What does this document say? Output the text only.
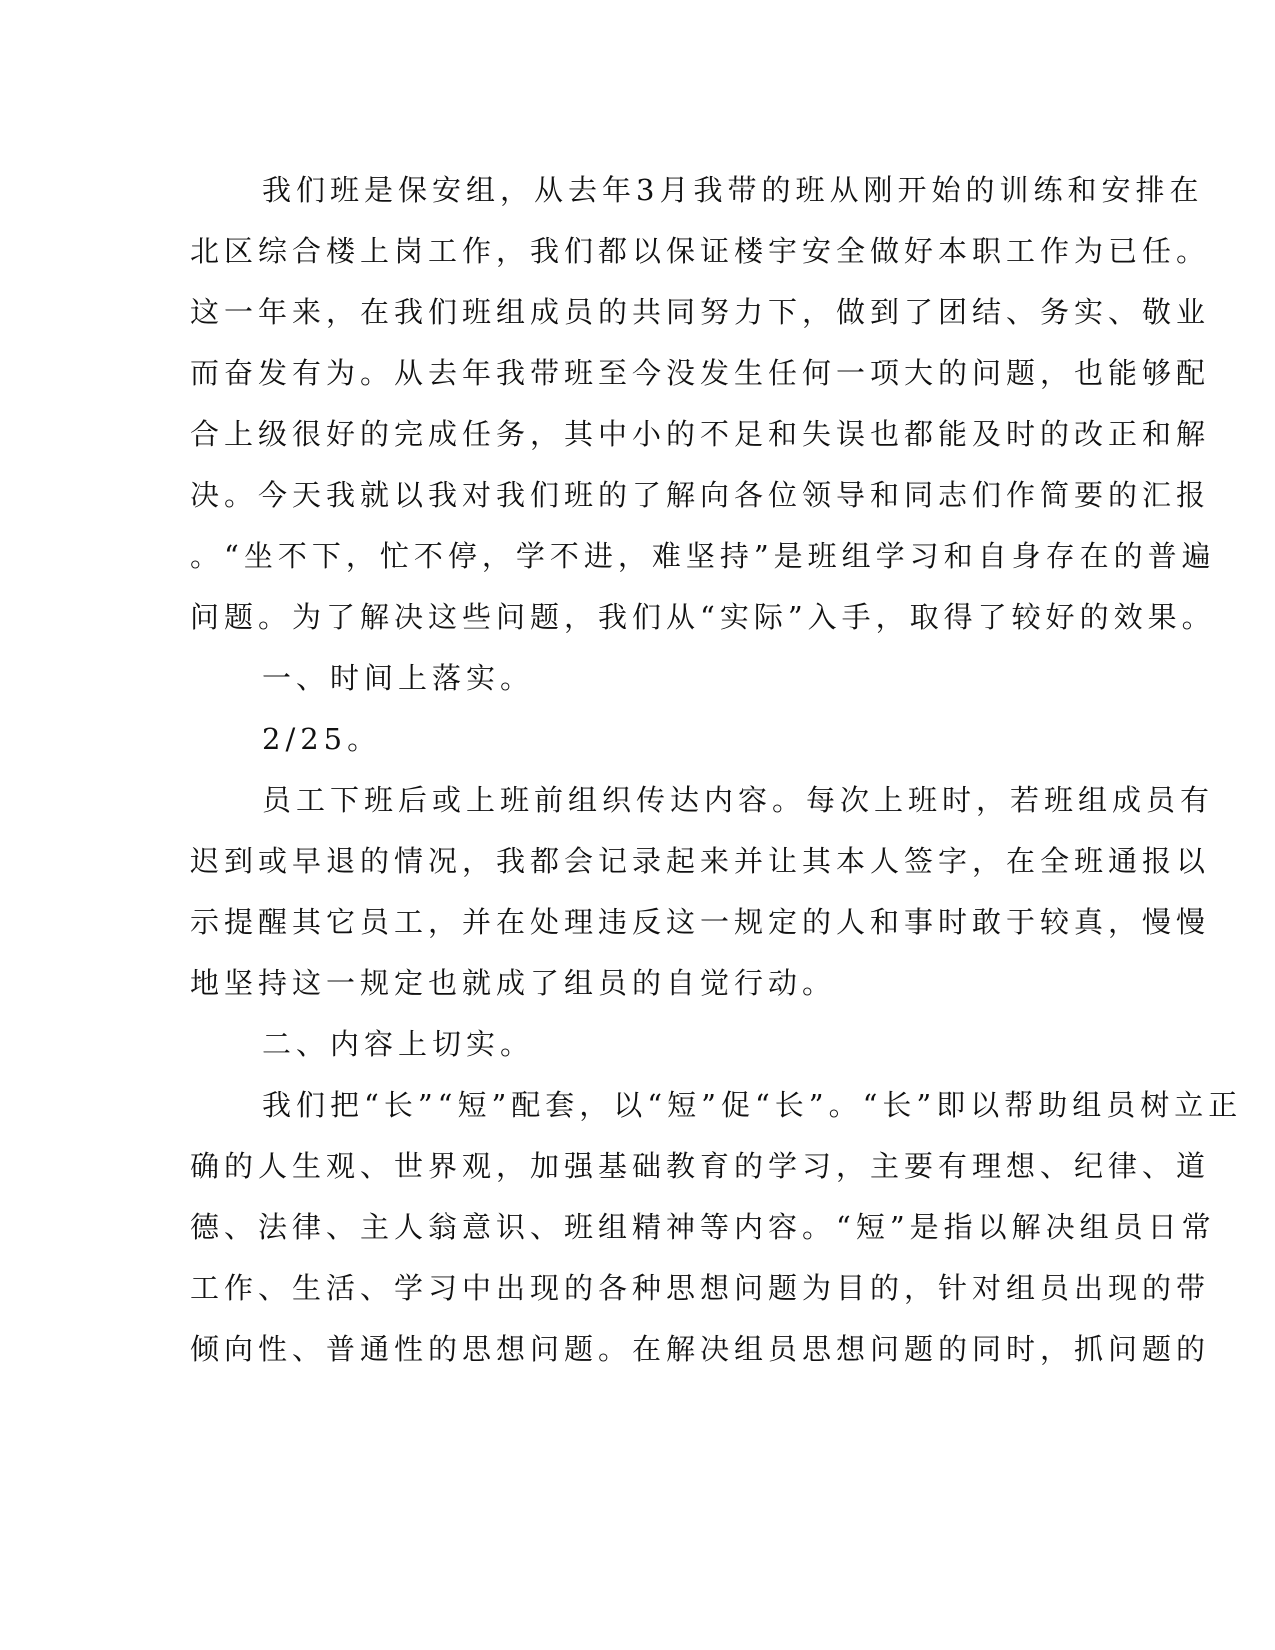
我们班是保安组，从去年3月我带的班从刚开始的训练和安排在
北区综合楼上岗工作，我们都以保证楼宇安全做好本职工作为已任。
这一年来，在我们班组成员的共同努力下，做到了团结、务实、敬业
而奋发有为。从去年我带班至今没发生任何一项大的问题，也能够配
合上级很好的完成任务，其中小的不足和失误也都能及时的改正和解
决。今天我就以我对我们班的了解向各位领导和同志们作简要的汇报
。“坐不下，忙不停，学不进，难坚持”是班组学习和自身存在的普遍
问题。为了解决这些问题，我们从“实际”入手，取得了较好的效果。
一、时间上落实。
2/25。
员工下班后或上班前组织传达内容。每次上班时，若班组成员有
迟到或早退的情况，我都会记录起来并让其本人签字，在全班通报以
示提醒其它员工，并在处理违反这一规定的人和事时敢于较真，慢慢
地坚持这一规定也就成了组员的自觉行动。
二、内容上切实。
我们把“长”“短”配套，以“短”促“长”。“长”即以帮助组员树立正
确的人生观、世界观，加强基础教育的学习，主要有理想、纪律、道
德、法律、主人翁意识、班组精神等内容。“短”是指以解决组员日常
工作、生活、学习中出现的各种思想问题为目的，针对组员出现的带
倾向性、普通性的思想问题。在解决组员思想问题的同时，抓问题的
